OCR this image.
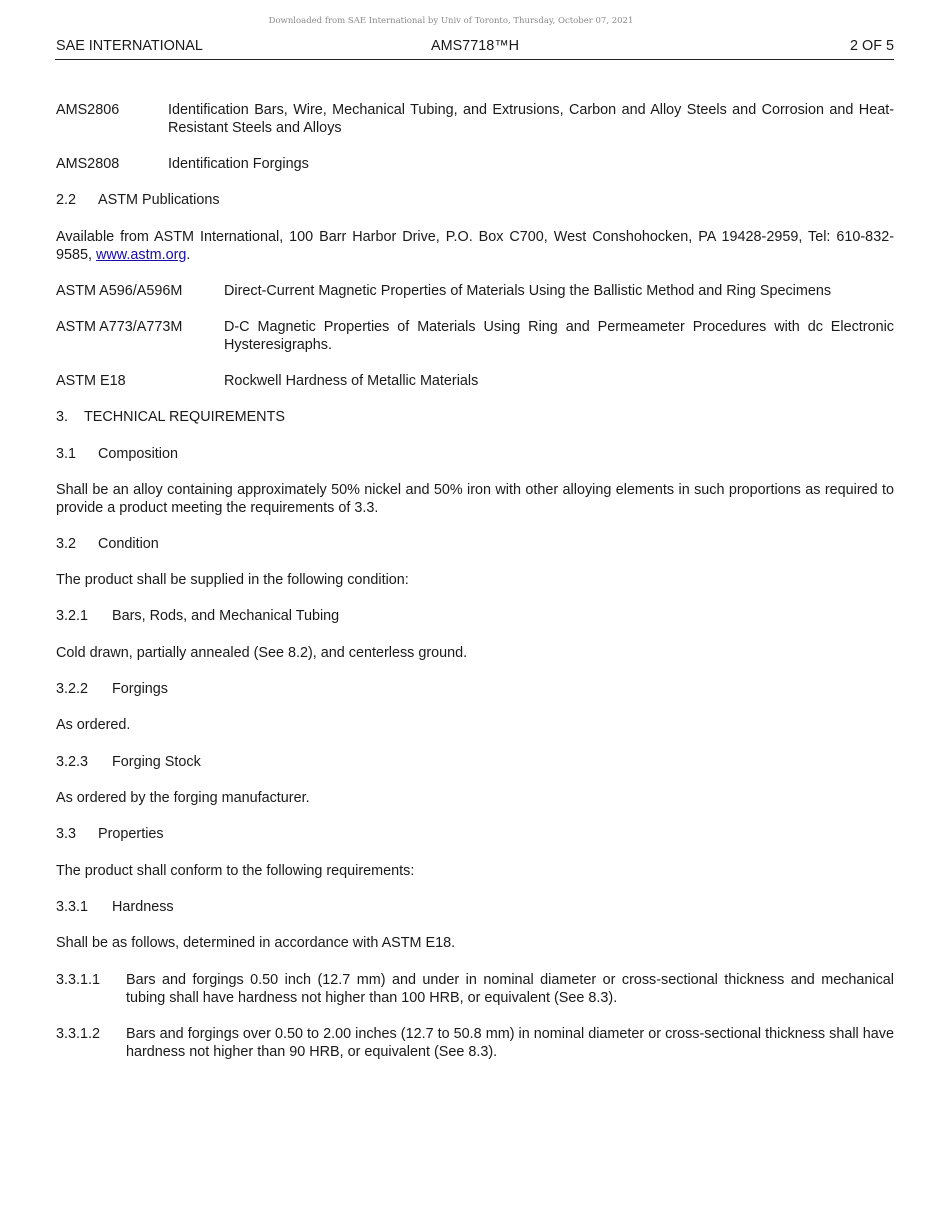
Downloaded from SAE International by Univ of Toronto, Thursday, October 07, 2021
SAE INTERNATIONAL	AMS7718™H	2 OF 5
AMS2806	Identification Bars, Wire, Mechanical Tubing, and Extrusions, Carbon and Alloy Steels and Corrosion and Heat-Resistant Steels and Alloys
AMS2808	Identification Forgings
2.2 ASTM Publications
Available from ASTM International, 100 Barr Harbor Drive, P.O. Box C700, West Conshohocken, PA 19428-2959, Tel: 610-832-9585, www.astm.org.
ASTM A596/A596M	Direct-Current Magnetic Properties of Materials Using the Ballistic Method and Ring Specimens
ASTM A773/A773M	D-C Magnetic Properties of Materials Using Ring and Permeameter Procedures with dc Electronic Hysteresigraphs.
ASTM E18	Rockwell Hardness of Metallic Materials
3. TECHNICAL REQUIREMENTS
3.1 Composition
Shall be an alloy containing approximately 50% nickel and 50% iron with other alloying elements in such proportions as required to provide a product meeting the requirements of 3.3.
3.2 Condition
The product shall be supplied in the following condition:
3.2.1 Bars, Rods, and Mechanical Tubing
Cold drawn, partially annealed (See 8.2), and centerless ground.
3.2.2 Forgings
As ordered.
3.2.3 Forging Stock
As ordered by the forging manufacturer.
3.3 Properties
The product shall conform to the following requirements:
3.3.1 Hardness
Shall be as follows, determined in accordance with ASTM E18.
3.3.1.1 Bars and forgings 0.50 inch (12.7 mm) and under in nominal diameter or cross-sectional thickness and mechanical tubing shall have hardness not higher than 100 HRB, or equivalent (See 8.3).
3.3.1.2 Bars and forgings over 0.50 to 2.00 inches (12.7 to 50.8 mm) in nominal diameter or cross-sectional thickness shall have hardness not higher than 90 HRB, or equivalent (See 8.3).
